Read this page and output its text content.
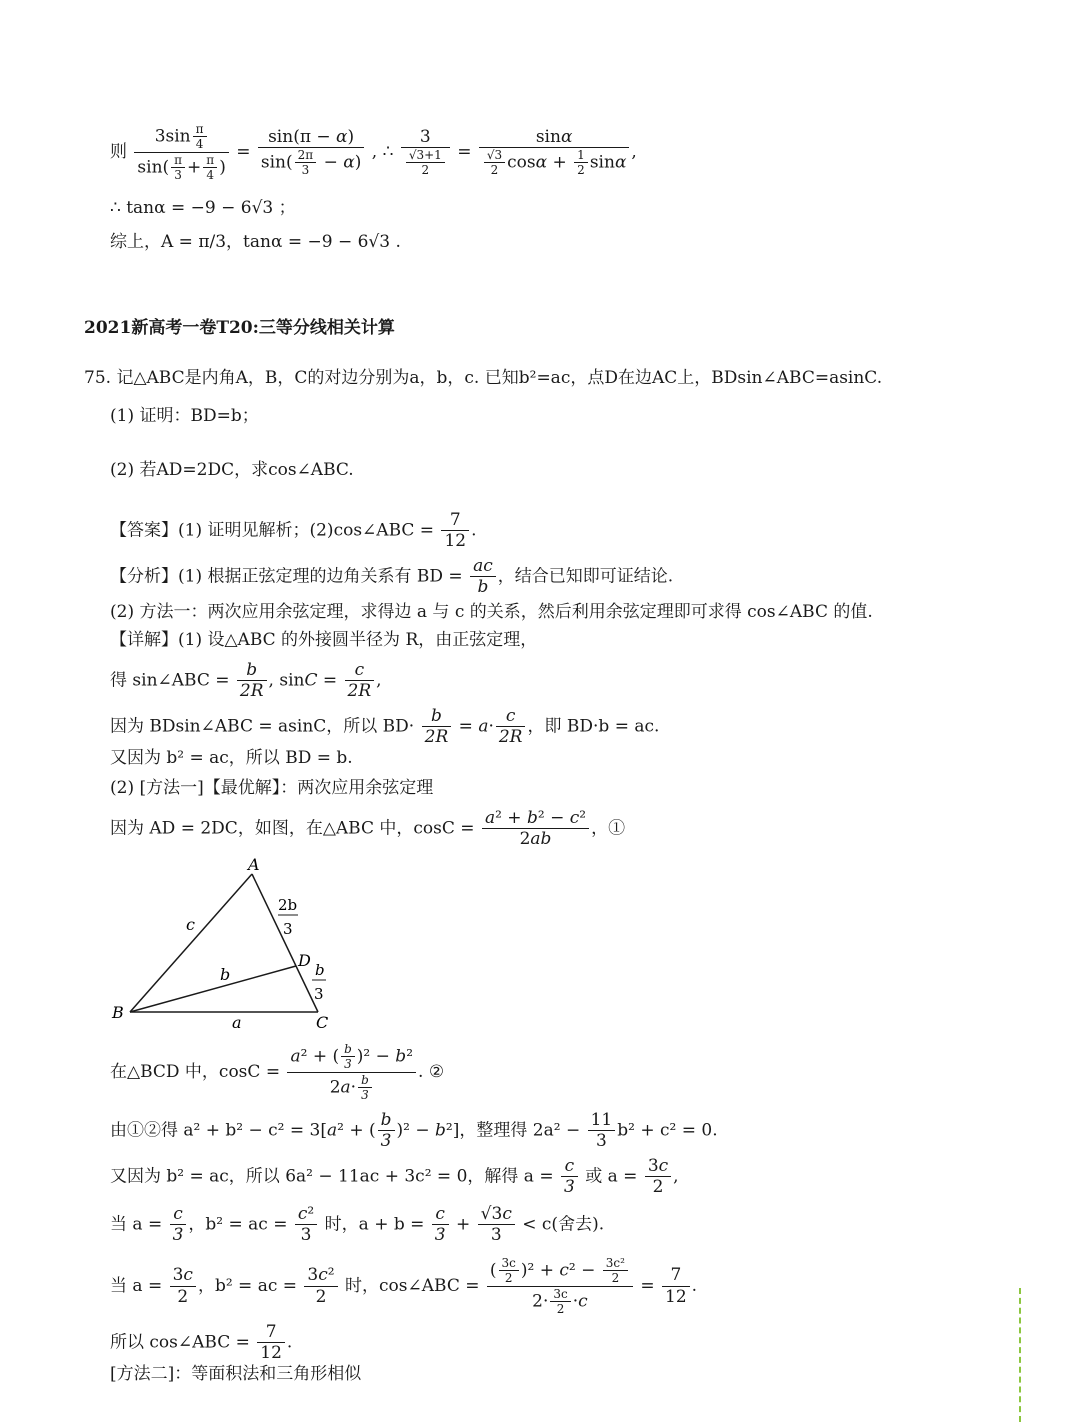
则 $\frac{3\sin \frac{\pi}{4}}{\sin( \frac{\pi}{3} + \frac{\pi}{4} )} = \frac{\sin(\pi - \alpha)}{\sin( \frac{2\pi}{3} - \alpha)}$ , ∴ $\frac{3}{\frac{√3+1}{2}} = \frac{\sin\alpha}{\frac{√3}{2} \cos\alpha + \frac{1}{2} \sin\alpha}$ ,
∴ tanα = −9 − 6√3 ；
综上，A = π/3，tanα = −9 − 6√3 .
2021新高考一卷T20:三等分线相关计算
75. 记△ABC是内角A，B，C的对边分别为a，b，c. 已知b²=ac，点D在边AC上，BDsin∠ABC=asinC.
(1) 证明：BD=b；
(2) 若AD=2DC，求cos∠ABC.
【答案】(1) 证明见解析；(2)cos∠ABC = $\frac{7}{12}$ .
【分析】(1) 根据正弦定理的边角关系有 BD = $\frac{ac}{b}$ ，结合已知即可证结论.
(2) 方法一：两次应用余弦定理，求得边 a 与 c 的关系，然后利用余弦定理即可求得 cos∠ABC 的值.
【详解】(1) 设△ABC 的外接圆半径为 R，由正弦定理，
得 sin∠ABC = $\frac{b}{2R}$ , $\sin C = \frac{c}{2R}$ ,
因为 BDsin∠ABC = asinC，所以 $BD\cdot \frac{b}{2R} = a\cdot \frac{c}{2R}$ ，即 BD·b = ac.
又因为 b² = ac，所以 BD = b.
(2) [方法一]【最优解】：两次应用余弦定理
因为 AD = 2DC，如图，在△ABC 中，$\cos C = \frac{\text{a² + b² − c²}}{2ab}$ ，①
A
B
C
D
c
b
a
2b
3
b
3
在△BCD 中，$\cos C = \frac{a^2 + ( \frac{b}{3} )^2 - b^2}{2a\cdot \frac{b}{3}}$ . ②
由①②得 a² + b² − c² = 3[a² + ( $\frac{b}{3} )^2 - b^2$]，整理得 $2a^2 - \frac{11}{3} b^2 + c^2 = 0$.
又因为 b² = ac，所以 6a² − 11ac + 3c² = 0，解得 $a = \frac{c}{3}$ 或 $a = \frac{3c}{2}$ ,
当 $a = \frac{c}{3}$ ，b² = ac = $\frac{\text{c²}}{3}$ 时，$a + b = \frac{c}{3} + \frac{√3c}{3} < c$(舍去).
当 $a = \frac{3c}{2}$ ，b² = ac = $\frac{\text{3c²}}{2}$ 时，cos∠ABC = $\frac{( \frac{3c}{2} )^2 + c^2 - \frac{\text{3c²}}{2}}{2\cdot \frac{3c}{2} \cdot c} = \frac{7}{12}$ .
所以 cos∠ABC = $\frac{7}{12}$ .
[方法二]：等面积法和三角形相似
